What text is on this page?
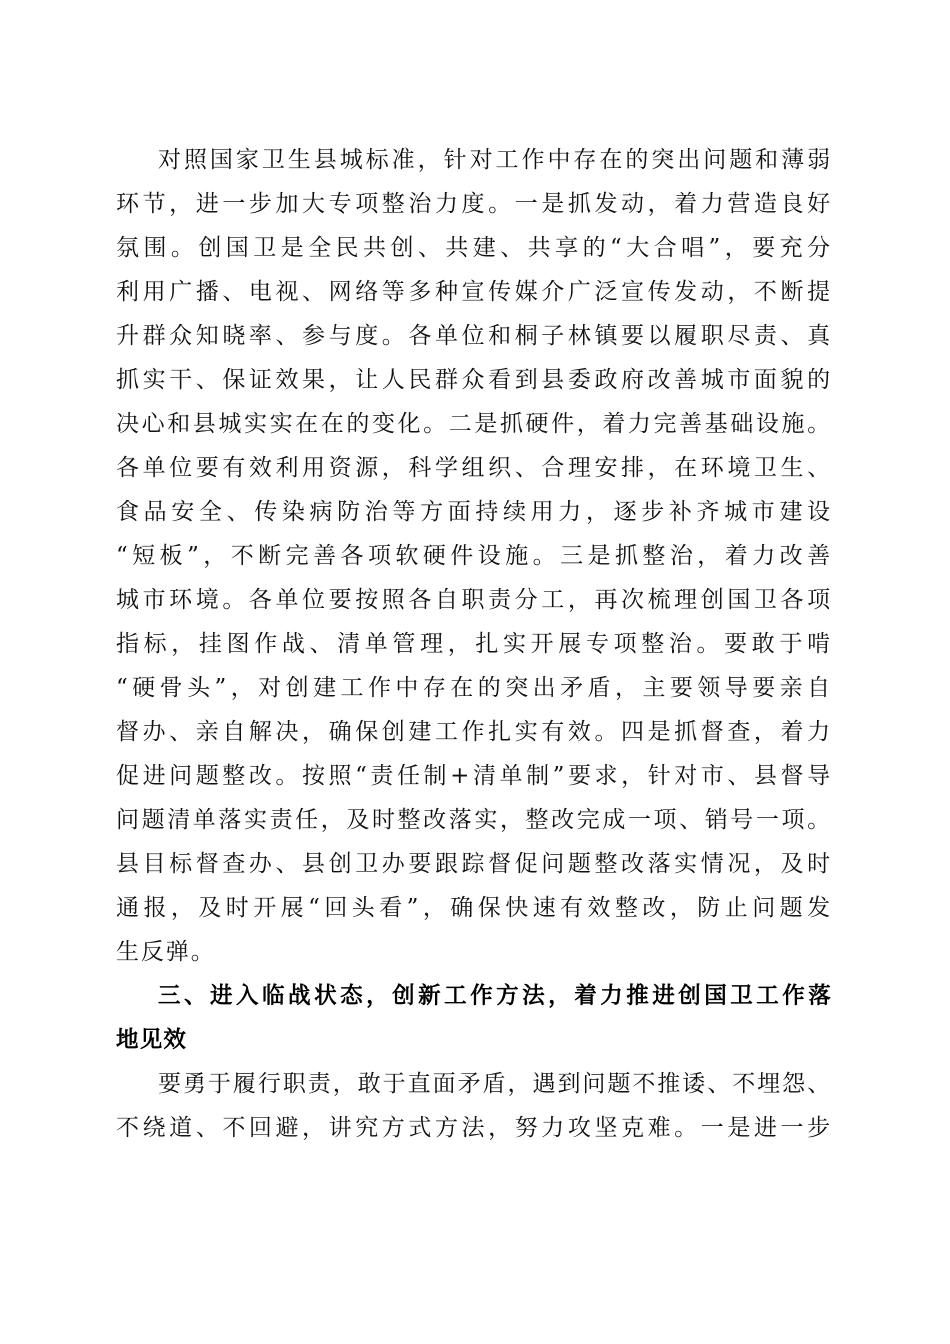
对照国家卫生县城标准，针对工作中存在的突出问题和薄弱

环节，进一步加大专项整治力度。一是抓发动，着力营造良好

氛围。创国卫是全民共创、共建、共享的“大合唱”，要充分

利用广播、电视、网络等多种宣传媒介广泛宣传发动，不断提

升群众知晓率、参与度。各单位和桐子林镇要以履职尽责、真

抓实干、保证效果，让人民群众看到县委政府改善城市面貌的

决心和县城实实在在的变化。二是抓硬件，着力完善基础设施。

各单位要有效利用资源，科学组织、合理安排，在环境卫生、

食品安全、传染病防治等方面持续用力，逐步补齐城市建设

“短板”，不断完善各项软硬件设施。三是抓整治，着力改善

城市环境。各单位要按照各自职责分工，再次梳理创国卫各项

指标，挂图作战、清单管理，扎实开展专项整治。要敢于啃

“硬骨头”，对创建工作中存在的突出矛盾，主要领导要亲自

督办、亲自解决，确保创建工作扎实有效。四是抓督查，着力

促进问题整改。按照“责任制+清单制”要求，针对市、县督导

问题清单落实责任，及时整改落实，整改完成一项、销号一项。

县目标督查办、县创卫办要跟踪督促问题整改落实情况，及时

通报，及时开展“回头看”，确保快速有效整改，防止问题发

生反弹。

三、进入临战状态，创新工作方法，着力推进创国卫工作落

地见效

要勇于履行职责，敢于直面矛盾，遇到问题不推诿、不埋怨、

不绕道、不回避，讲究方式方法，努力攻坚克难。一是进一步
